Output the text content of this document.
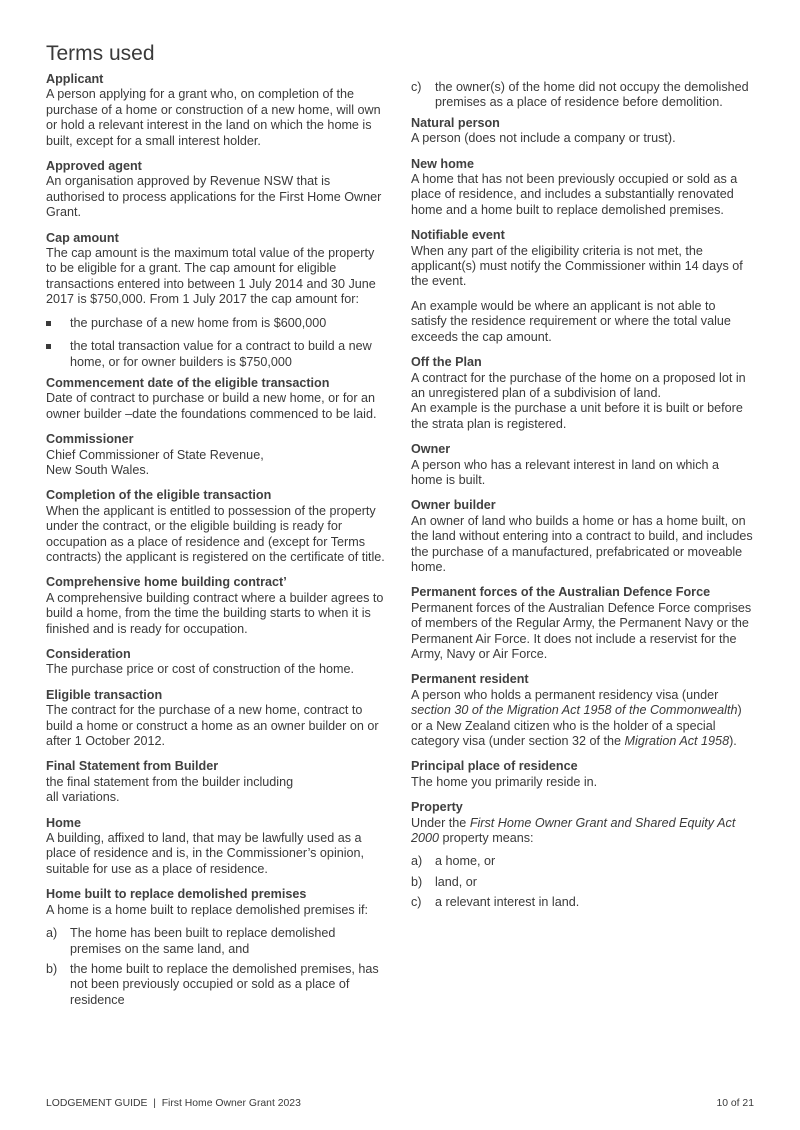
Terms used
Applicant

A person applying for a grant who, on completion of the purchase of a home or construction of a new home, will own or hold a relevant interest in the land on which the home is built, except for a small interest holder.

Approved agent

An organisation approved by Revenue NSW that is authorised to process applications for the First Home Owner Grant.

Cap amount

The cap amount is the maximum total value of the property to be eligible for a grant. The cap amount for eligible transactions entered into between 1 July 2014 and 30 June 2017 is $750,000. From 1 July 2017 the cap amount for:

the purchase of a new home from is $600,000
the total transaction value for a contract to build a new home, or for owner builders is $750,000
Commencement date of the eligible transaction

Date of contract to purchase or build a new home, or for an owner builder –date the foundations commenced to be laid.

Commissioner
Chief Commissioner of State Revenue,
New South Wales.
Completion of the eligible transaction

When the applicant is entitled to possession of the property under the contract, or the eligible building is ready for occupation as a place of residence and (except for Terms contracts) the applicant is registered on the certificate of title.

Comprehensive home building contract’

A comprehensive building contract where a builder agrees to build a home, from the time the building starts to when it is finished and is ready for occupation.

Consideration

The purchase price or cost of construction of the home.

Eligible transaction

The contract for the purchase of a new home, contract to build a home or construct a home as an owner builder on or after 1 October 2012.

Final Statement from Builder
the final statement from the builder including
all variations.
Home

A building, affixed to land, that may be lawfully used as a place of residence and is, in the Commissioner’s opinion, suitable for use as a place of residence.

Home built to replace demolished premises

A home is a home built to replace demolished premises if:

a) The home has been built to replace demolished premises on the same land, and
b) the home built to replace the demolished premises, has not been previously occupied or sold as a place of residence
c) the owner(s) of the home did not occupy the demolished premises as a place of residence before demolition.
Natural person

A person (does not include a company or trust).

New home

A home that has not been previously occupied or sold as a place of residence, and includes a substantially renovated home and a home built to replace demolished premises.

Notifiable event

When any part of the eligibility criteria is not met, the applicant(s) must notify the Commissioner within 14 days of the event.

An example would be where an applicant is not able to satisfy the residence requirement or where the total value exceeds the cap amount.

Off the Plan

A contract for the purchase of the home on a proposed lot in an unregistered plan of a subdivision of land.

An example is the purchase a unit before it is built or before the strata plan is registered.

Owner

A person who has a relevant interest in land on which a home is built.

Owner builder

An owner of land who builds a home or has a home built, on the land without entering into a contract to build, and includes the purchase of a manufactured, prefabricated or moveable home.

Permanent forces of the Australian Defence Force

Permanent forces of the Australian Defence Force comprises of members of the Regular Army, the Permanent Navy or the Permanent Air Force. It does not include a reservist for the Army, Navy or Air Force.

Permanent resident

A person who holds a permanent residency visa (under section 30 of the Migration Act 1958 of the Commonwealth) or a New Zealand citizen who is the holder of a special category visa (under section 32 of the Migration Act 1958).

Principal place of residence

The home you primarily reside in.

Property

Under the First Home Owner Grant and Shared Equity Act 2000 property means:

a) a home, or
b) land, or
c) a relevant interest in land.
LODGEMENT GUIDE | First Home Owner Grant 2023	10 of 21
